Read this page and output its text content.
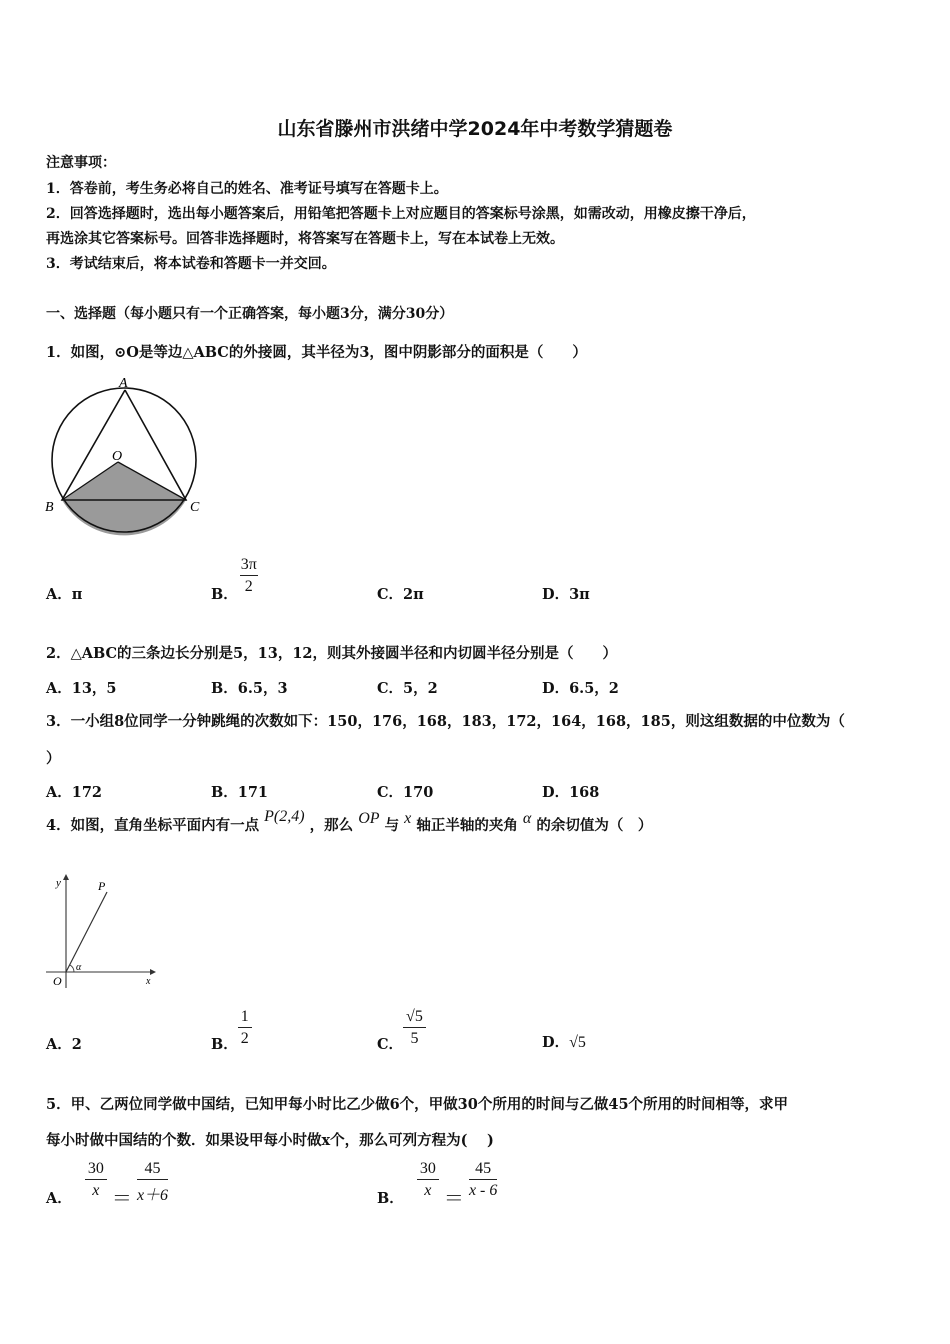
山东省滕州市洪绪中学2024年中考数学猜题卷
注意事项：
1．答卷前，考生务必将自己的姓名、准考证号填写在答题卡上。
2．回答选择题时，选出每小题答案后，用铅笔把答题卡上对应题目的答案标号涂黑，如需改动，用橡皮擦干净后，
再选涂其它答案标号。回答非选择题时，将答案写在答题卡上，写在本试卷上无效。
3．考试结束后，将本试卷和答题卡一并交回。
一、选择题（每小题只有一个正确答案，每小题3分，满分30分）
1．如图，⊙O是等边△ABC的外接圆，其半径为3，图中阴影部分的面积是（　　）
A
B	C
O
A．π	B． $\frac{3\pi}{2}$	C．2π	D．3π
2．△ABC的三条边长分别是5，13，12，则其外接圆半径和内切圆半径分别是（　　）
A．13，5	B．6.5，3	C．5，2	D．6.5，2
3．一小组8位同学一分钟跳绳的次数如下：150，176，168，183，172，164，168，185，则这组数据的中位数为（
）
A．172	B．171	C．170	D．168
4．如图，直角坐标平面内有一点 P(2,4) ，那么 OP 与 x 轴正半轴的夹角 α 的余切值为（　）
y	P
O	x
α
A．2	B． $\frac{1}{2}$	C． $\frac{√5}{5}$	D．√5
5．甲、乙两位同学做中国结，已知甲每小时比乙少做6个，甲做30个所用的时间与乙做45个所用的时间相等，求甲
每小时做中国结的个数．如果设甲每小时做x个，那么可列方程为(　 )
A． $\frac{30}{x} = \frac{45}{x+6}$	B． $\frac{30}{x} = \frac{45}{x - 6}$
